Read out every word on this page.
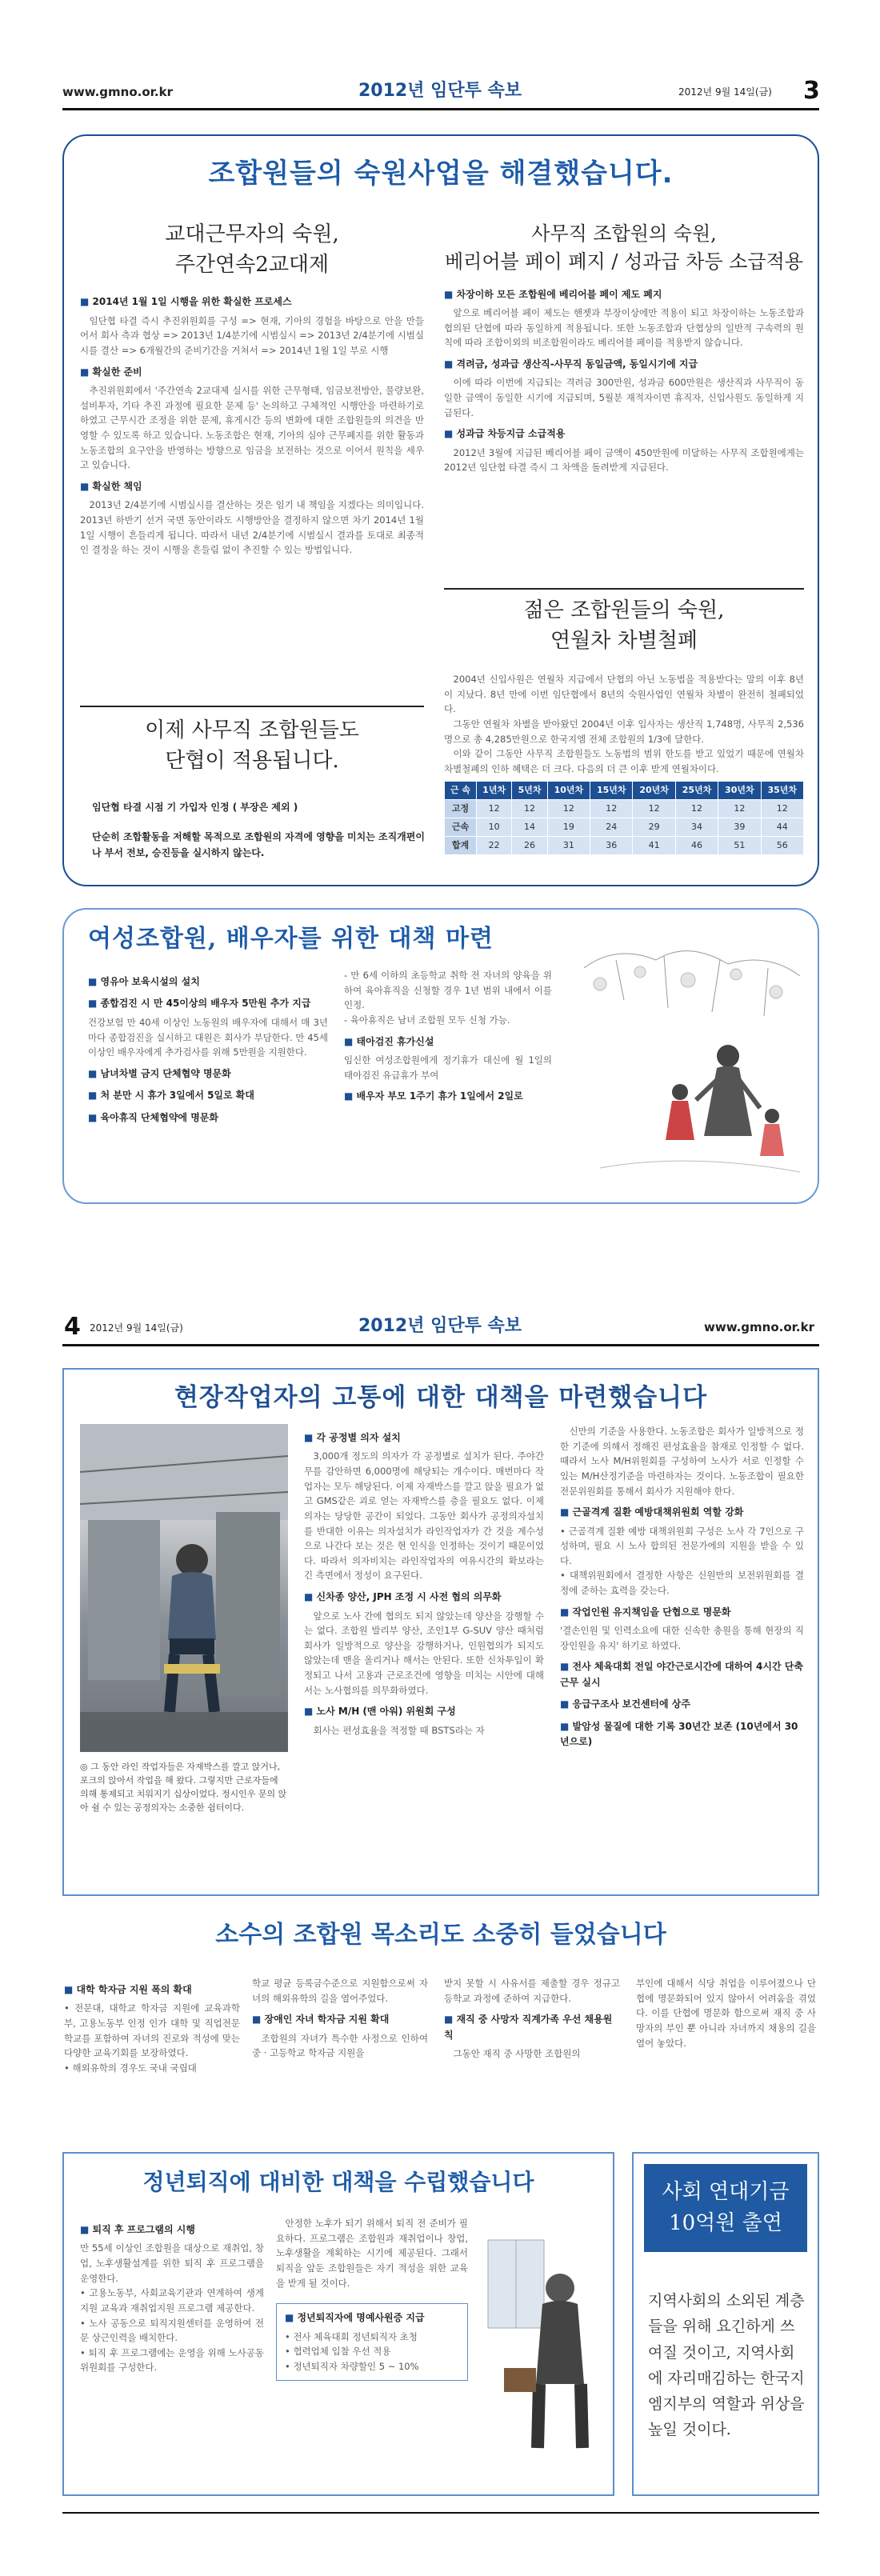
www.gmno.or.kr	2012년 임단투 속보	2012년 9월 14일(금) 3
조합원들의 숙원사업을 해결했습니다.
교대근무자의 숙원,
주간연속2교대제
■ 2014년 1월 1일 시행을 위한 확실한 프로세스
임단협 타결 즉시 추진위원회를 구성 => 현재, 기아의 경험을 바탕으로 안을 만들어서 회사 측과 협상 => 2013년 1/4분기에 시범실시 => 2013년 2/4분기에 시범실시를 결산 => 6개월간의 준비기간을 거쳐서 => 2014년 1월 1일 부로 시행
■ 확실한 준비
추진위원회에서 '주간연속 2교대제 실시를 위한 근무형태, 임금보전방안, 물량보완, 설비투자, 기타 추진 과정에 필요한 문제 등' 논의하고 구체적인 시행안을 마련하기로 하였고 근무시간 조정을 위한 문제, 휴게시간 등의 변화에 대한 조합원들의 의견을 반영할 수 있도록 하고 있습니다. 노동조합은 현재, 기아의 심야 근무폐지를 위한 활동과 노동조합의 요구안을 반영하는 방향으로 임금을 보전하는 것으로 이어서 원칙을 세우고 있습니다.
■ 확실한 책임
2013년 2/4분기에 시범실시를 결산하는 것은 임기 내 책임을 지겠다는 의미입니다. 2013년 하반기 선거 국면 동안이라도 시행방안을 결정하지 않으면 차기 2014년 1월 1일 시행이 흔들리게 됩니다. 따라서 내년 2/4분기에 시범실시 결과를 토대로 최종적인 결정을 하는 것이 시행을 흔들림 없이 추진할 수 있는 방법입니다.
이제 사무직 조합원들도
단협이 적용됩니다.
임단협 타결 시점 기 가입자 인정 ( 부장은 제외 )
단순히 조합활동을 저해할 목적으로 조합원의 자격에 영향을 미치는 조직개편이나 부서 전보, 승진등을 실시하지 않는다.
사무직 조합원의 숙원,
베리어블 페이 폐지 / 성과급 차등 소급적용
■ 차장이하 모든 조합원에 베리어블 페이 제도 폐지
앞으로 베리어블 페이 제도는 핸젯과 부장이상에만 적용이 되고 차장이하는 노동조합과 협의된 단협에 따라 동일하게 적용됩니다. 또한 노동조합과 단협상의 일반적 구속력의 원칙에 따라 조합이외의 비조합원이라도 베리어블 페이를 적용받지 않습니다.
■ 격려금, 성과급 생산직-사무직 동일금액, 동일시기에 지급
이에 따라 이번에 지급되는 격려금 300만원, 성과금 600만원은 생산직과 사무직이 동일한 금액이 동일한 시기에 지급되며, 5월분 재적자이면 휴직자, 신입사원도 동일하게 지급된다.
■ 성과급 차등지급 소급적용
2012년 3월에 지급된 베리어블 페이 금액이 450만원에 미달하는 사무직 조합원에게는 2012년 임단협 타결 즉시 그 차액을 돌려받게 지급된다.
젊은 조합원들의 숙원,
연월차 차별철폐
2004년 신입사원은 연월차 지급에서 단협의 아닌 노동법을 적용받다는 말의 이후 8년이 지났다. 8년 만에 이번 임단협에서 8년의 숙원사업인 연월차 차별이 완전히 철폐되었다.
그동안 연월차 차별을 받아왔던 2004년 이후 입사자는 생산직 1,748명, 사무직 2,536명으로 총 4,285만원으로 한국지엠 전체 조합원의 1/3에 달한다.
이와 같이 그동안 사무직 조합원들도 노동법의 범위 한도를 받고 있었기 때문에 연월차 차별철폐의 인하 혜택은 더 크다. 다음의 더 큰 이후 받게 연월차이다.
근 속	1년차	5년차	10년차	15년차	20년차	25년차	30년차	35년차
고정	12	12	12	12	12	12	12	12
근속	10	14	19	24	29	34	39	44
합계	22	26	31	36	41	46	51	56
여성조합원, 배우자를 위한 대책 마련
■ 영유아 보육시설의 설치
■ 종합검진 시 만 45이상의 배우자 5만원 추가 지급
건강보험 만 40세 이상인 노동원의 배우자에 대해서 매 3년마다 종합검진을 실시하고 대원은 회사가 부담한다. 만 45세 이상인 배우자에게 추가검사를 위해 5만원을 지원한다.
■ 남녀차별 금지 단체협약 명문화
■ 처 분만 시 휴가 3일에서 5일로 확대
■ 육아휴직 단체협약에 명문화
- 만 6세 이하의 초등학교 취학 전 자녀의 양육을 위하여 육아휴직을 신청할 경우 1년 범위 내에서 이를 인정.
- 육아휴직은 남녀 조합원 모두 신청 가능.
■ 태아검진 휴가신설
임신한 여성조합원에게 정기휴가 대신에 월 1일의 태아검진 유급휴가 부여
■ 배우자 부모 1주기 휴가 1일에서 2일로
4 2012년 9월 14일(금)	2012년 임단투 속보	www.gmno.or.kr
현장작업자의 고통에 대한 대책을 마련했습니다
◎ 그 동안 라인 작업자들은 자재박스를 깔고 앉거나, 포크의 앉아서 작업을 해 왔다. 그렇지만 근로자들에 의해 통제되고 치워지기 십상이었다. 정시인우 문의 앉아 쉴 수 있는 공정의자는 소중한 쉼터이다.
■ 각 공정별 의자 설치
3,000개 정도의 의자가 각 공정별로 설치가 된다. 주야간무를 감안하면 6,000명에 해당되는 개수이다. 매번마다 작업자는 모두 해당된다. 이제 자재박스를 깔고 앉을 필요가 없고 GMS같은 괴로 얻는 자재박스를 층을 필요도 없다. 이제 의자는 당당한 공간이 되었다. 그동안 회사가 공정의자설치를 반대한 이유는 의자설치가 라인작업자가 간 것을 계수성으로 나간다 보는 것은 현 인식을 인정하는 것이기 때문이었다. 따라서 의자비치는 라인작업자의 여유시간의 확보라는 긴 측면에서 정성이 요구된다.
■ 신차종 양산, JPH 조정 시 사전 협의 의무화
앞으로 노사 간에 협의도 되지 않았는데 양산을 강행할 수는 없다. 조합원 발리부 양산, 조인1부 G-SUV 양산 때처럼 회사가 일방적으로 양산을 강행하거나, 인원협의가 되지도 않았는데 맨을 올리거나 해서는 안된다. 또한 신차투입이 확정되고 나서 고용과 근로조건에 영향을 미치는 시안에 대해서는 노사협의를 의무화하였다.
■ 노사 M/H (맨 아워) 위원회 구성
회사는 편성효율을 적정할 때 BSTS라는 자
신만의 기준을 사용한다. 노동조합은 회사가 일방적으로 정한 기준에 의해서 정해진 편성효율을 참재로 인정할 수 없다. 때라서 노사 M/H위원회를 구성하여 노사가 서로 인정할 수 있는 M/H산정기준을 마련하자는 것이다. 노동조합이 필요한 전문위원회를 통해서 회사가 지원해야 한다.
■ 근골격계 질환 예방대책위원회 역할 강화
• 근골격계 질환 예방 대책위원회 구성은 노사 각 7인으로 구성하며, 필요 시 노사 합의된 전문가에의 지원을 받을 수 있다.
• 대책위원회에서 결정한 사항은 신원만의 보전위원회를 결정에 준하는 효력을 갖는다.
■ 작업인원 유지책임을 단협으로 명문화
'결손인원 및 인력소요에 대한 신속한 충원을 통해 현장의 직장인원을 유지' 하기로 하였다.
■ 전사 체육대회 전일 야간근로시간에 대하여 4시간 단축근무 실시
■ 응급구조사 보건센터에 상주
■ 발암성 물질에 대한 기록 30년간 보존 (10년에서 30년으로)
소수의 조합원 목소리도 소중히 들었습니다
■ 대학 학자금 지원 폭의 확대
• 전문대, 대학교 학자금 지원에 교육과학부, 고용노동부 인정 인가 대학 및 직업전문학교를 포함하여 자녀의 진로와 적성에 맞는 다양한 교육기회를 보장하였다.
• 해외유학의 경우도 국내 국립대
학교 평균 등록금수준으로 지원함으로써 자녀의 해외유학의 길을 열어주었다.
■ 장애인 자녀 학자금 지원 확대
조합원의 자녀가 특수한 사정으로 인하여 중 · 고등학교 학자금 지원을
받지 못할 시 사유서를 제출할 경우 정규고등학교 과정에 준하여 지급한다.
■ 재직 중 사망자 직계가족 우선 채용원칙
그동안 재직 중 사망한 조합원의
부인에 대해서 식당 취업을 이루어졌으나 단협에 명문화되어 있지 않아서 어려움을 겪었다. 이를 단협에 명문화 함으로써 재직 중 사망자의 부인 뿐 아니라 자녀까지 채용의 길을 열어 놓았다.
정년퇴직에 대비한 대책을 수립했습니다
■ 퇴직 후 프로그램의 시행
만 55세 이상인 조합원을 대상으로 재취업, 창업, 노후생활설계를 위한 퇴직 후 프로그램을 운영한다.
• 고용노동부, 사회교육기관과 연계하여 생계지원 교육과 재취업지원 프로그램 제공한다.
• 노사 공동으로 퇴직지원센터를 운영하여 전문 상근인력을 배치한다.
• 퇴직 후 프로그램에는 운영을 위해 노사공동위원회를 구성한다.
안정한 노후가 되기 위해서 퇴직 전 준비가 필요하다. 프로그램은 조합원과 재취업이나 창업, 노후생활을 계획하는 시기에 제공된다. 그래서 퇴직을 앞둔 조합원들은 자기 적성을 위한 교육을 받게 될 것이다.
■ 정년퇴직자에 명예사원증 지급
• 전사 체육대회 정년퇴직자 초청
• 협력업체 입찰 우선 적용
• 정년퇴직자 차량할인 5 ~ 10%
사회 연대기금
10억원 출연
지역사회의 소외된 계층들을 위해 요긴하게 쓰여질 것이고, 지역사회에 자리매김하는 한국지엠지부의 역할과 위상을 높일 것이다.
